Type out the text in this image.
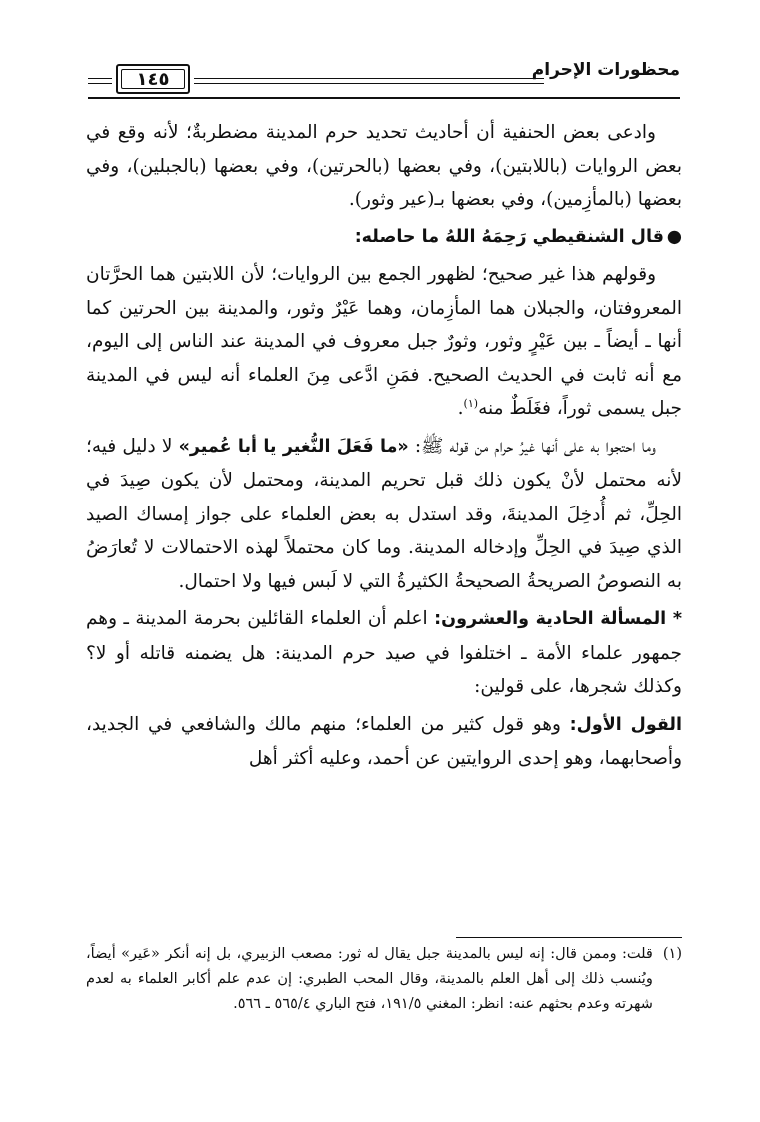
١٤٥	محظورات الإحرام

وادعى بعض الحنفية أن أحاديث تحديد حرم المدينة مضطربةٌ؛ لأنه وقع في بعض الروايات (باللابتين)، وفي بعضها (بالحرتين)، وفي بعضها (بالجبلين)، وفي بعضها (بالمأزِمين)، وفي بعضها بـ(عير وثور).

●
قال الشنقيطي رَحِمَهُ اللهُ ما حاصله:

وقولهم هذا غير صحيح؛ لظهور الجمع بين الروايات؛ لأن اللابتين هما الحرَّتان المعروفتان، والجبلان هما المأزِمان، وهما عَيْرٌ وثور، والمدينة بين الحرتين كما أنها ـ أيضاً ـ بين عَيْرٍ وثور، وثورٌ جبل معروف في المدينة عند الناس إلى اليوم، مع أنه ثابت في الحديث الصحيح. فمَنِ ادَّعى مِنَ العلماء أنه ليس في المدينة جبل يسمى ثوراً، فغَلَطٌ منه$^{(١)}$.

وما احتجوا به على أنها غيرُ حرام من قوله ﷺ: «ما فَعَلَ النُّغير يا أبا عُمير» لا دليل فيه؛ لأنه محتمل لأنْ يكون ذلك قبل تحريم المدينة، ومحتمل لأن يكون صِيدَ في الحِلِّ، ثم أُدخِلَ المدينةَ، وقد استدل به بعض العلماء على جواز إمساك الصيد الذي صِيدَ في الحِلِّ وإدخاله المدينة. وما كان محتملاً لهذه الاحتمالات لا تُعارَضُ به النصوصُ الصريحةُ الصحيحةُ الكثيرةُ التي لا لَبس فيها ولا احتمال.

* المسألة الحادية والعشرون: اعلم أن العلماء القائلين بحرمة المدينة ـ وهم جمهور علماء الأمة ـ اختلفوا في صيد حرم المدينة: هل يضمنه قاتله أو لا؟ وكذلك شجرها، على قولين:

القول الأول: وهو قول كثير من العلماء؛ منهم مالك والشافعي في الجديد، وأصحابهما، وهو إحدى الروايتين عن أحمد، وعليه أكثر أهل

(١)
قلت: وممن قال: إنه ليس بالمدينة جبل يقال له ثور: مصعب الزبيري، بل إنه أنكر «عَير» أيضاً، ويُنسب ذلك إلى أهل العلم بالمدينة، وقال المحب الطبري: إن عدم علم أكابر العلماء به لعدم شهرته وعدم بحثهم عنه: انظر: المغني ١٩١/٥، فتح الباري ٥٦٥/٤ ـ ٥٦٦.
